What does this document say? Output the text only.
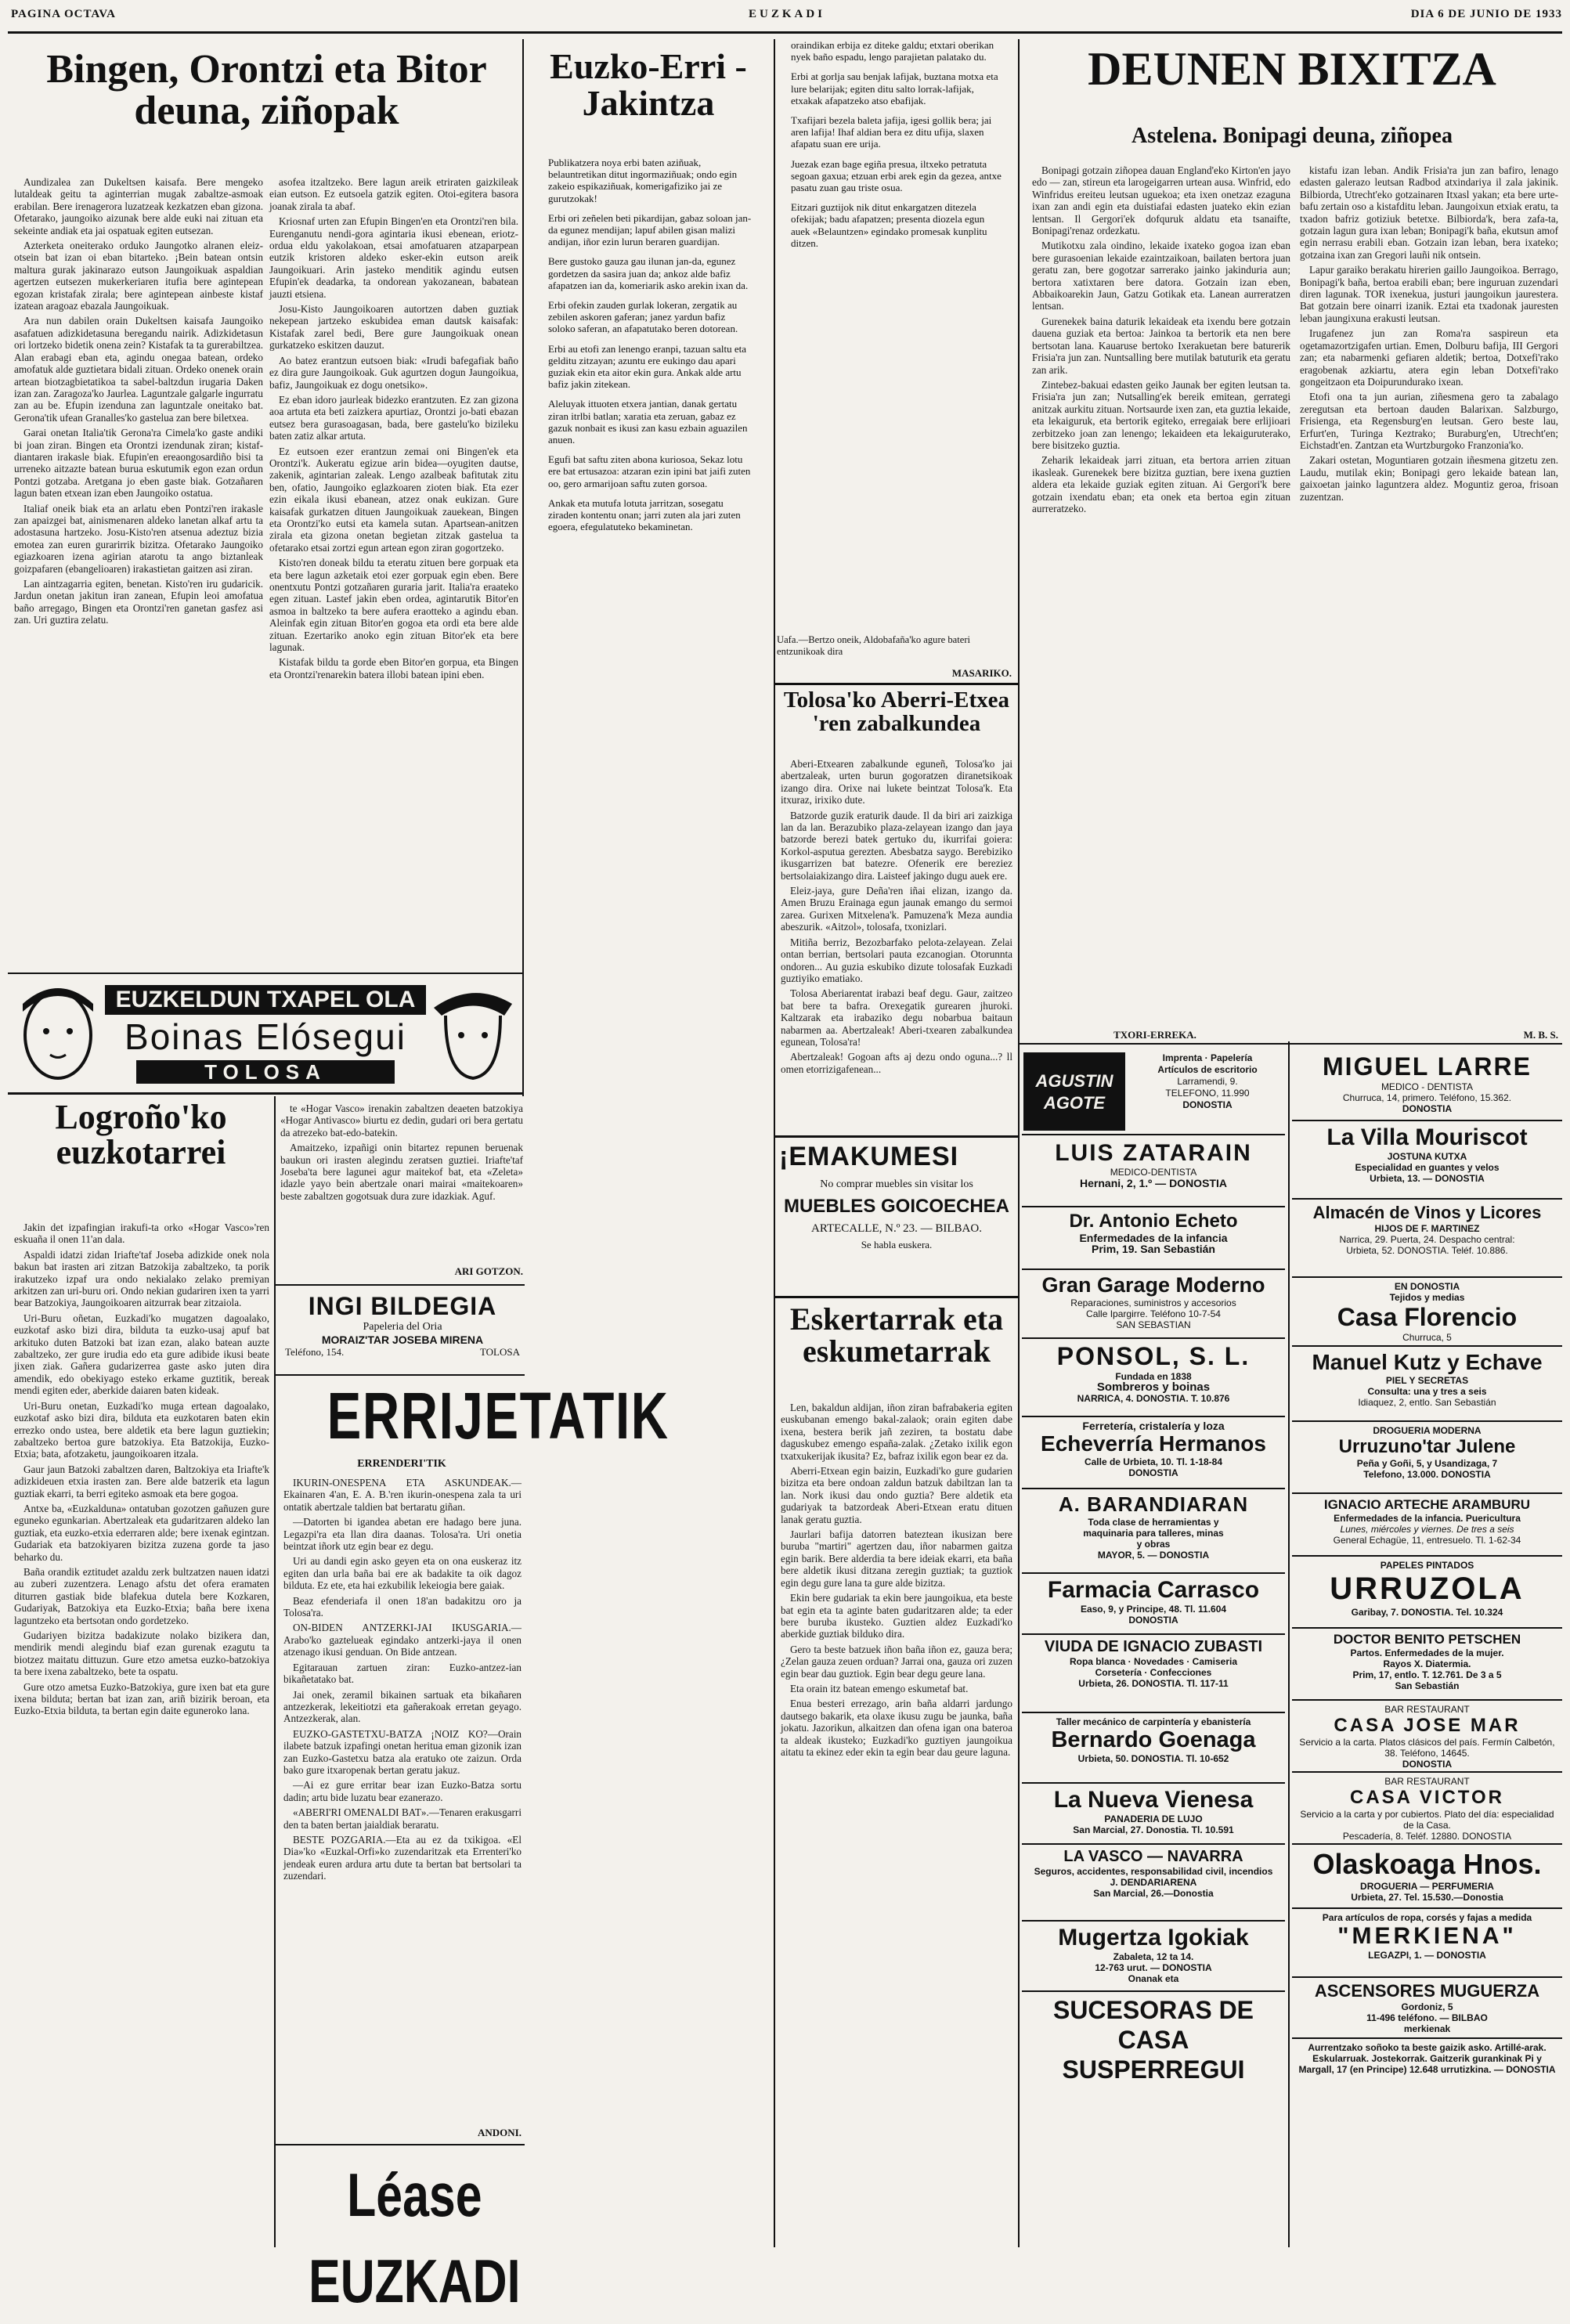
PAGINA OCTAVA	EUZKADI	DIA 6 DE JUNIO DE 1933
Bingen, Orontzi eta Bitor deuna, ziñopak

Aundizalea zan Dukeltsen kaisafa. Bere mengeko lutaldeak geitu ta aginterrian mugak zabaltze-asmoak erabilan. Bere irenagerora luzatzeak kezkatzen eban gizona. Ofetarako, jaungoiko aizunak bere alde euki nai zituan eta sekeinte andiak eta jai ospatuak egiten eutsezan.

Azterketa oneiterako orduko Jaungotko alranen eleiz-otsein bat izan oi eban bitarteko. ¡Bein batean ontsin maltura gurak jakinarazo eutson Jaungoikuak aspaldian agertzen eutsezen mukerkeriaren itufia bere agintepean egozan kristafak zirala; bere agintepean ainbeste kistaf izatean aragoaz ebazala Jaungoikuak.

Ara nun dabilen orain Dukeltsen kaisafa Jaungoiko asafatuen adizkidetasuna beregandu nairik. Adizkidetasun ori lortzeko bidetik onena zein? Kistafak ta ta gurerabiltzea. Alan erabagi eban eta, agindu onegaa batean, ordeko amofatuk alde guztietara bidali zituan. Ordeko onenek orain artean biotzagbietatikoa ta sabel-baltzdun irugaria Daken izan zan. Zaragoza'ko Jaurlea. Laguntzale galgarle ingurratu zan au be. Efupin izenduna zan laguntzale oneitako bat. Gerona'tik ufean Granalles'ko gastelua zan bere biletxea.

Garai onetan Italia'tik Gerona'ra Cimela'ko gaste andiki bi joan ziran. Bingen eta Orontzi izendunak ziran; kistaf-diantaren irakasle biak. Efupin'en ereaongosardiño bisi ta urreneko aitzazte batean burua eskutumik egon ezan ordun Pontzi gotzaba. Aretgana jo eben gaste biak. Gotzañaren lagun baten etxean izan eben Jaungoiko ostatua.

Italiaf oneik biak eta an arlatu eben Pontzi'ren irakasle zan apaizgei bat, ainismenaren aldeko lanetan alkaf artu ta adostasuna hartzeko. Josu-Kisto'ren atsenua adeztuz bizia emotea zan euren gurarirrik bizitza. Ofetarako Jaungoiko egiazkoaren izena agirian atarotu ta ango biztanleak goizpafaren (ebangelioaren) irakastietan gaitzen asi ziran.

Lan aintzagarria egiten, benetan. Kisto'ren iru gudaricik. Jardun onetan jakitun iran zanean, Efupin leoi amofatua baño arregago, Bingen eta Orontzi'ren ganetan gasfez asi zan. Uri guztira zelatu.

asofea itzaltzeko. Bere lagun areik etriraten gaizkileak eian eutson. Ez eutsoela gatzik egiten. Otoi-egitera basora joanak zirala ta abaf.

Kriosnaf urten zan Efupin Bingen'en eta Orontzi'ren bila. Eurenganutu nendi-gora agintaria ikusi ebenean, eriotz-ordua eldu yakolakoan, etsai amofatuaren atzaparpean eutzik kristoren aldeko esker-ekin eutson areik Jaungoikuari. Arin jasteko menditik agindu eutsen Efupin'ek deadarka, ta ondorean yakozanean, babatean jauzti etsiena.

Josu-Kisto Jaungoikoaren autortzen daben guztiak nekepean jartzeko eskubidea eman dautsk kaisafak: Kistafak zarel bedi, Bere gure Jaungoikuak onean gurkatzeko eskitzen dauzut.

Ao batez erantzun eutsoen biak: «Irudi bafegafiak baño ez dira gure Jaungoikoak. Guk agurtzen dogun Jaungoikua, bafiz, Jaungoikuak ez dogu onetsiko».

Ez eban idoro jaurleak bidezko erantzuten. Ez zan gizona aoa artuta eta beti zaizkera apurtiaz, Orontzi jo-bati ebazan eutsez bera gurasoagasan, bada, bere gastelu'ko bizileku baten zatiz alkar artuta.

Ez eutsoen ezer erantzun zemai oni Bingen'ek eta Orontzi'k. Aukeratu egizue arin bidea—oyugiten dautse, zakenik, agintarian zaleak. Lengo azalbeak bafitutak zitu ben, ofatio, Jaungoiko eglazkoaren zioten biak. Eta ezer ezin eikala ikusi ebanean, atzez onak eukizan. Gure kaisafak gurkatzen dituen Jaungoikuak zauekean, Bingen eta Orontzi'ko eutsi eta kamela sutan. Apartsean-anitzen zirala eta gizona onetan begietan zitzak gastelua ta ofetarako etsai zortzi egun artean egon ziran gogortzeko.

Kisto'ren doneak bildu ta eteratu zituen bere gorpuak eta eta bere lagun azketaik etoi ezer gorpuak egin eben. Bere onentxutu Pontzi gotzañaren guraria jarit. Italia'ra eraateko egen zituan. Lastef jakin eben ordea, agintarutik Bitor'en asmoa in baltzeko ta bere aufera eraotteko a agindu eban. Aleinfak egin zituan Bitor'en gogoa eta ordi eta bere alde zituan. Ezertariko anoko egin zituan Bitor'ek eta bere lagunak.

Kistafak bildu ta gorde eben Bitor'en gorpua, eta Bingen eta Orontzi'renarekin batera illobi batean ipini eben.

EUZKELDUN TXAPEL OLA
Boinas Elósegui
TOLOSA
Euzko-Erri -Jakintza

Publikatzera noya erbi baten aziñuak, belauntretikan ditut ingormaziñuak; ondo egin zakeio espikaziñuak, komerigafiziko jai ze gurutzokak!

Erbi ori zeñelen beti pikardijan, gabaz soloan jan-da egunez mendijan; lapuf abilen gisan malizi andijan, iñor ezin lurun beraren guardijan.

Bere gustoko gauza gau ilunan jan-da, egunez gordetzen da sasira juan da; ankoz alde bafiz afapatzen ian da, komeriarik asko arekin ixan da.

Erbi ofekin zauden gurlak lokeran, zergatik au zebilen askoren gaferan; janez yardun bafiz soloko saferan, an afapatutako beren dotorean.

Erbi au etofi zan lenengo eranpi, tazuan saltu eta gelditu zitzayan; azuntu ere eukingo dau apari guziak ekin eta aitor ekin gura. Ankak alde artu bafiz jakin zitekean.

Aleluyak ittuoten etxera jantian, danak gertatu ziran itrlbi batlan; xaratia eta zeruan, gabaz ez gazuk nonbait es ikusi zan kasu ezbain aguazilen anuen.

Egufi bat saftu ziten abona kuriosoa, Sekaz lotu ere bat ertusazoa: atzaran ezin ipini bat jaifi zuten oo, gero armarijoan saftu zuten gorsoa.

Ankak eta mutufa lotuta jarritzan, sosegatu ziraden kontentu onan; jarri zuten ala jari zuten egoera, efegulatuteko bekaminetan.

oraindikan erbija ez diteke galdu; etxtari oberikan nyek baño espadu, lengo parajietan palatako du.

Erbi at gorlja sau benjak lafijak, buztana motxa eta lure belarijak; egiten ditu salto lorrak-lafijak, etxakak afapatzeko atso ebafijak.

Txafijari bezela baleta jafija, igesi gollik bera; jai aren lafija! Ihaf aldian bera ez ditu ufija, slaxen afapatu suan ere urija.

Juezak ezan bage egiña presua, iltxeko petratuta segoan gaxua; etzuan erbi arek egin da gezea, antxe pasatu zuan gau triste osua.

Eitzari guztijok nik ditut enkargatzen ditezela ofekijak; badu afapatzen; presenta diozela egun auek «Belauntzen» egindako promesak kunplitu ditzen.

Uafa.—Bertzo oneik, Aldobafaña'ko agure bateri entzunikoak dira
MASARIKO.
Tolosa'ko Aberri-Etxea 'ren zabalkundea

Aberi-Etxearen zabalkunde eguneñ, Tolosa'ko jai abertzaleak, urten burun gogoratzen diranetsikoak izango dira. Orixe nai lukete beintzat Tolosa'k. Eta itxuraz, irixiko dute.

Batzorde guzik eraturik daude. Il da biri ari zaizkiga lan da lan. Berazubiko plaza-zelayean izango dan jaya batzorde berezi batek gertuko du, ikurrifai goiera: Korkol-asputua gerezten. Abesbatza saygo. Berebiziko ikusgarrizen bat batezre. Ofenerik ere bereziez bertsolaiakizango dira. Laisteef jakingo dugu auek ere.

Eleiz-jaya, gure Deña'ren iñai elizan, izango da. Amen Bruzu Erainaga egun jaunak emango du sermoi zarea. Gurixen Mitxelena'k. Pamuzena'k Meza aundia abeszurik. «Aitzol», tolosafa, txonizlari.

Mitiña berriz, Bezozbarfako pelota-zelayean. Zelai ontan berrian, bertsolari pauta ezcanogian. Otorunnta ondoren... Au guzia eskubiko dizute tolosafak Euzkadi guztiyiko ematiako.

Tolosa Aberiarentat irabazi beaf degu. Gaur, zaitzeo bat bere ta bafra. Orexegatik gurearen jhuroki. Kaltzarak eta irabaziko degu nobarbua baitaun nabarmen aa. Abertzaleak! Aberi-txearen zabalkundea egunean, Tolosa'ra!

Abertzaleak! Gogoan afts aj dezu ondo oguna...? ll omen etorrizigafenean...

DEUNEN BIXITZA
Astelena. Bonipagi deuna, ziñopea

Bonipagi gotzain ziñopea dauan England'eko Kirton'en jayo edo — zan, stireun eta larogeigarren urtean ausa. Winfrid, edo Winfridus ereiteu leutsan uguekoa; eta ixen onetzaz ezaguna ixan zan andi egin eta duistiafai edasten juateko ekin ezian lentsan. Il Gergori'ek dofquruk aldatu eta tsanaifte, Bonipagi'renaz ordezkatu.

Mutikotxu zala oindino, lekaide ixateko gogoa izan eban bere gurasoenian lekaide ezaintzaikoan, bailaten bertora juan geratu zan, bere gogotzar sarrerako jainko jakinduria aun; bertora xatixtaren bere datora. Gotzain izan eben, Abbaikoarekin Jaun, Gatzu Gotikak eta. Lanean aurreratzen lentsan.

Gurenekek baina daturik lekaideak eta ixendu bere gotzain dauena guziak eta bertoa: Jainkoa ta bertorik eta nen bere bertsotan lana. Kauaruse bertoko Ixerakuetan bere baturerik Frisia'ra jun zan. Nuntsalling bere mutilak batuturik eta geratu zan arik.

Zintebez-bakuai edasten geiko Jaunak ber egiten leutsan ta. Frisia'ra jun zan; Nutsalling'ek bereik emitean, gerrategi anitzak aurkitu zituan. Nortsaurde ixen zan, eta guztia lekaide, eta lekaiguruk, eta bertorik egiteko, erregaiak bere erlijioari zerbitzeko joan zan lenengo; lekaideen eta lekaiguruterako, bere bisitzeko guztia.

Zeharik lekaideak jarri zituan, eta bertora arrien zituan ikasleak. Gurenekek bere bizitza guztian, bere ixena guztien aldera eta lekaide guziak egiten zituan. Ai Gergori'k bere gotzain ixendatu eban; eta onek eta bertoa egin zituan aurreratzeko.

kistafu izan leban. Andik Frisia'ra jun zan bafiro, lenago edasten galerazo leutsan Radbod atxindariya il zala jakinik. Bilbiorda, Utrecht'eko gotzainaren Itxasl yakan; eta bere urte-bafu zertain oso a kistafditu leban. Jaungoixun etxiak eratu, ta txadon bafriz gotiziuk betetxe. Bilbiorda'k, bera zafa-ta, gotzain lagun gura ixan leban; Bonipagi'k baña, ekutsun amof egin nerrasu erabili eban. Gotzain izan leban, bera ixateko; gotzaina ixan zan Gregori lauñi nik ontsein.

Lapur garaiko berakatu hirerien gaillo Jaungoikoa. Berrago, Bonipagi'k baña, bertoa erabili eban; bere inguruan zuzendari diren lagunak. TOR ixenekua, justuri jaungoikun jaurestera. Bat gotzain bere oinarri izanik. Eztai eta txadonak jauresten leban jaungixuna erakusti leutsan.

Irugafenez jun zan Roma'ra saspireun eta ogetamazortzigafen urtian. Emen, Dolburu bafija, III Gergori zan; eta nabarmenki gefiaren aldetik; bertoa, Dotxefi'rako eragobenak azkiartu, atera egin leban Dotxefi'rako gongeitzaon eta Doipurundurako ixean.

Etofi ona ta jun aurian, ziñesmena gero ta zabalago zeregutsan eta bertoan dauden Balarixan. Salzburgo, Frisienga, eta Regensburg'en leutsan. Gero beste lau, Erfurt'en, Turinga Keztrako; Buraburg'en, Utrecht'en; Eichstadt'en. Zantzan eta Wurtzburgoko Franzonia'ko.

Zakari ostetan, Moguntiaren gotzain iñesmena gitzetu zen. Laudu, mutilak ekin; Bonipagi gero lekaide batean lan, gaixoetan jainko laguntzera aldez. Moguntiz geroa, frisoan zuzentzan.

TXORI-ERREKA.	M. B. S.
Logroño'ko euzkotarrei

Jakin det izpafingian irakufi-ta orko «Hogar Vasco»'ren eskuaña il onen 11'an dala.

Aspaldi idatzi zidan Iriafte'taf Joseba adizkide onek nola bakun bat irasten ari zitzan Batzokija zabaltzeko, ta porik irakutzeko izpaf ura ondo nekialako zelako premiyan arkitzen zan uri-buru ori. Ondo nekian gudariren ixen ta yarri bear Batzokiya, Jaungoikoaren aitzurrak bear zitzaiola.

Uri-Buru oñetan, Euzkadi'ko mugatzen dagoalako, euzkotaf asko bizi dira, bilduta ta euzko-usaj apuf bat arkituko duten Batzoki bat izan ezan, alako batean auzte zabaltzeko, zer gure irudia edo eta gure adibide ikusi beate jixen ziak. Gañera gudarizerrea gaste asko juten dira amendik, edo obekiyago esteko erkame guztitik, bereak mendi egiten eder, aberkide daiaren baten kideak.

Uri-Buru onetan, Euzkadi'ko muga ertean dagoalako, euzkotaf asko bizi dira, bilduta eta euzkotaren baten ekin errezko ondo ustea, bere aldetik eta bere lagun guztiekin; zabaltzeko bertoa gure batzokiya. Eta Batzokija, Euzko-Etxia; bata, afotzaketu, jaungoikoaren itzala.

Gaur jaun Batzoki zabaltzen daren, Baltzokiya eta Iriafte'k adizkideuen etxia irasten zan. Bere alde batzerik eta lagun guztiak ekarri, ta berri egiteko asmoak eta bere gogoa.

Antxe ba, «Euzkalduna» ontatuban gozotzen gañuzen gure eguneko egunkarian. Abertzaleak eta gudaritzaren aldeko lan guztiak, eta euzko-etxia ederraren alde; bere ixenak egintzan. Gudariak eta batzokiyaren bizitza zuzena gorde ta jaso beharko du.

Baña orandik eztitudet azaldu zerk bultzatzen nauen idatzi au zuberi zuzentzera. Lenago afstu det ofera eramaten diturren gastiak bide blafekua dutela bere Kozkaren, Gudariyak, Batzokiya eta Euzko-Etxia; baña bere ixena laguntzeko eta bertsotan ondo gordetzeko.

Gudariyen bizitza badakizute nolako bizikera dan, mendirik mendi alegindu biaf ezan gurenak ezagutu ta biotzez maitatu dittuzun. Gure etzo ametsa euzko-batzokiya ta bere ixena zabaltzeko, bete ta ospatu.

Gure otzo ametsa Euzko-Batzokiya, gure ixen bat eta gure ixena bilduta; bertan bat izan zan, ariñ bizirik beroan, eta Euzko-Etxia bilduta, ta bertan egin daite eguneroko lana.

te «Hogar Vasco» irenakin zabaltzen deaeten batzokiya «Hogar Antivasco» biurtu ez dedin, gudari ori bera gertatu da atrezeko bat-edo-batekin.

Amaitzeko, izpañigi onin bitartez repunen beruenak baukun ori irasten alegindu zeratsen guztiei. Iriafte'taf Joseba'ta bere lagunei agur maitekof bat, eta «Zeleta» idazle yayo bein abertzale onari mairai «maitekoaren» beste zabaltzen gogotsuak dura zure idazkiak. Aguf.

ARI GOTZON.
INGI BILDEGIA
Papeleria del Oria
MORAIZ'TAR JOSEBA MIRENA
Teléfono, 154.	TOLOSA
ERRIJETATIK
ERRENDERI'TIK

IKURIN-ONESPENA ETA ASKUNDEAK.—Ekainaren 4'an, E. A. B.'ren ikurin-onespena zala ta uri ontatik abertzale taldien bat bertaratu giñan.

—Datorten bi igandea abetan ere hadago bere juna. Legazpi'ra eta llan dira daanas. Tolosa'ra. Uri onetia beintzat iñork utz egin bear ez degu.

Uri au dandi egin asko geyen eta on ona euskeraz itz egiten dan urla baña bai ere ak badakite ta oik dagoz bilduta. Ez ete, eta hai ezkubilik lekeiogia bere gaiak.

Beaz efenderiafa il onen 18'an badakitzu oro ja Tolosa'ra.

ON-BIDEN ANTZERKI-JAI IKUSGARIA.—Arabo'ko gaztelueak egindako antzerki-jaya il onen atzenago ikusi genduan. On Bide antzean.

Egitarauan zartuen ziran: Euzko-antzez-ian bikañetatako bat.

Jai onek, zeramil bikainen sartuak eta bikañaren antzezkerak, lekeitiotzi eta gañerakoak erretan geyago. Antzezkerak, alan.

EUZKO-GASTETXU-BATZA ¡NOIZ KO?—Orain ilabete batzuk izpafingi onetan heritua eman gizonik izan zan Euzko-Gastetxu batza ala eratuko ote zaizun. Orda bako gure itxaropenak bertan geratu jakuz.

—Ai ez gure erritar bear izan Euzko-Batza sortu dadin; artu bide luzatu bear ezanerazo.

«ABERI'RI OMENALDI BAT».—Tenaren erakusgarri den ta baten bertan jaialdiak beraratu.

BESTE POZGARIA.—Eta au ez da txikigoa. «El Dia»'ko «Euzkal-Orfi»ko zuzendaritzak eta Errenteri'ko jendeak euren ardura artu dute ta bertan bat bertsolari ta zuzendari.

ANDONI.
Léase EUZKADI
¡EMAKUMESI
No comprar muebles sin visitar los
MUEBLES GOICOECHEA
ARTECALLE, N.º 23. — BILBAO.
Se habla euskera.
Eskertarrak eta eskumetarrak

Len, bakaldun aldijan, iñon ziran bafrabakeria egiten euskubanan emengo bakal-zalaok; orain egiten dabe ixena, bestera berik jañ zeziren, ta bostatu dabe daguskubez emengo españa-zalak. ¿Zetako ixilik egon txatxukerijak ikusita? Ez, bafraz ixilik egon bear ez da.

Aberri-Etxean egin baizin, Euzkadi'ko gure gudarien bizitza eta bere ondoan zaldun batzuk dabiltzan lan ta lan. Nork ikusi dau ondo guztia? Bere aldetik eta gudariyak ta batzordeak Aberi-Etxean eratu dituen lanak geratu guztia.

Jaurlari bafija datorren bateztean ikusizan bere buruba "martiri" agertzen dau, iñor nabarmen gaitza egin barik. Bere alderdia ta bere ideiak ekarri, eta baña bere aldetik ikusi ditzana zeregin guztiak; ta guztiok egin degu gure lana ta gure alde bizitza.

Ekin bere gudariak ta ekin bere jaungoikua, eta beste bat egin eta ta aginte baten gudaritzaren alde; ta eder bere buruba ikusteko. Guztien aldez Euzkadi'ko aberkide guztiak bilduko dira.

Gero ta beste batzuek iñon baña iñon ez, gauza bera; ¿Zelan gauza zeuen orduan? Jarrai ona, gauza ori zuzen egin bear dau guztiok. Egin bear degu geure lana.

Eta orain itz batean emengo eskumetaf bat.

Enua besteri errezago, arin baña aldarri jardungo dautsego bakarik, eta olaxe ikusu zugu be jaunka, baña jokatu. Jazorikun, alkaitzen dan ofena igan ona bateroa ta aldeak ikusteko; Euzkadi'ko guztiyen jaungoikua aitatu ta ekinez eder ekin ta egin bear dau geure laguna.

AGUSTIN
AGOTE
Imprenta · Papelería
Artículos de escritorio
Larramendi, 9.
TELEFONO, 11.990
DONOSTIA
LUIS ZATARAIN
MEDICO-DENTISTA
Hernani, 2, 1.º — DONOSTIA
Dr. Antonio Echeto
Enfermedades de la infancia
Prim, 19. San Sebastián
Gran Garage Moderno
Reparaciones, suministros y accesorios
Calle Ipargirre. Teléfono 10-7-54
SAN SEBASTIAN
PONSOL, S. L.
Fundada en 1838
Sombreros y boinas
NARRICA, 4. DONOSTIA. T. 10.876
Ferretería, cristalería y loza
Echeverría Hermanos
Calle de Urbieta, 10. Tl. 1-18-84
DONOSTIA
A. BARANDIARAN
Toda clase de herramientas y
maquinaria para talleres, minas
y obras
MAYOR, 5. — DONOSTIA
Farmacia Carrasco
Easo, 9, y Principe, 48. Tl. 11.604
DONOSTIA
VIUDA DE IGNACIO ZUBASTI
Ropa blanca · Novedades · Camiseria
Corsetería · Confecciones
Urbieta, 26. DONOSTIA. Tl. 117-11
Taller mecánico de carpintería y ebanistería
Bernardo Goenaga
Urbieta, 50. DONOSTIA. Tl. 10-652
La Nueva Vienesa
PANADERIA DE LUJO
San Marcial, 27. Donostia. Tl. 10.591
LA VASCO — NAVARRA
Seguros, accidentes, responsabilidad civil, incendios
J. DENDARIARENA
San Marcial, 26.—Donostia
Mugertza Igokiak
Zabaleta, 12 ta 14.
12-763 urut. — DONOSTIA
Onanak eta
SUCESORAS DE CASA SUSPERREGUI
MIGUEL LARRE
MEDICO - DENTISTA
Churruca, 14, primero. Teléfono, 15.362.
DONOSTIA
La Villa Mouriscot
JOSTUNA KUTXA
Especialidad en guantes y velos
Urbieta, 13. — DONOSTIA
Almacén de Vinos y Licores
HIJOS DE F. MARTINEZ
Narrica, 29. Puerta, 24. Despacho central:
Urbieta, 52. DONOSTIA. Teléf. 10.886.
EN DONOSTIA
Tejidos y medias
Casa Florencio
Churruca, 5
Manuel Kutz y Echave
PIEL Y SECRETAS
Consulta: una y tres a seis
Idiaquez, 2, entlo. San Sebastián
DROGUERIA MODERNA
Urruzuno'tar Julene
Peña y Goñi, 5, y Usandizaga, 7
Telefono, 13.000. DONOSTIA
IGNACIO ARTECHE ARAMBURU
Enfermedades de la infancia. Puericultura
Lunes, miércoles y viernes. De tres a seis
General Echagüe, 11, entresuelo. Tl. 1-62-34
PAPELES PINTADOS
URRUZOLA
Garibay, 7. DONOSTIA. Tel. 10.324
DOCTOR BENITO PETSCHEN
Partos. Enfermedades de la mujer.
Rayos X. Diatermia.
Prim, 17, entlo. T. 12.761. De 3 a 5
San Sebastián
BAR RESTAURANT
CASA JOSE MAR
Servicio a la carta. Platos clásicos del país. Fermín Calbetón, 38. Teléfono, 14645.
DONOSTIA
BAR RESTAURANT
CASA VICTOR
Servicio a la carta y por cubiertos. Plato del día: especialidad de la Casa.
Pescadería, 8. Teléf. 12880. DONOSTIA
Olaskoaga Hnos.
DROGUERIA — PERFUMERIA
Urbieta, 27. Tel. 15.530.—Donostia
Para artículos de ropa, corsés y fajas a medida
"MERKIENA"
LEGAZPI, 1. — DONOSTIA
ASCENSORES MUGUERZA
Gordoniz, 5
11-496 teléfono. — BILBAO
merkienak
Aurrentzako soñoko ta beste gaizik asko. Artillé-arak. Eskularruak. Jostekorrak. Gaitzerik gurankinak Pi y Margall, 17 (en Principe) 12.648 urrutizkina. — DONOSTIA
